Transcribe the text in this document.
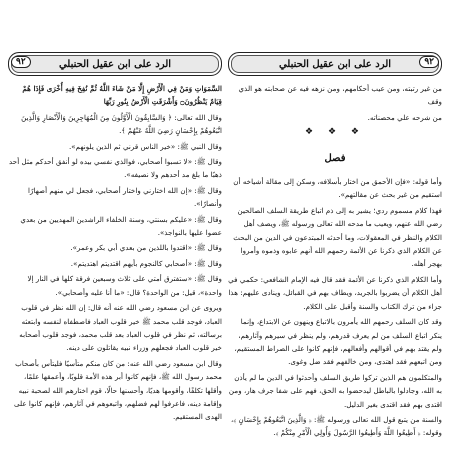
الرد على ابن عقيل الحنبلي
٩٢

السَّمَوَاتِ وَمَنْ فِي الْأَرْضِ إِلَّا مَنْ شَاءَ اللَّهُ ثُمَّ نُفِخَ فِيهِ أُخْرَى فَإِذَا هُمْ قِيَامٌ يَنْظُرُونَ۝ وَأَشْرَقَتِ الْأَرْضُ بِنُورِ رَبِّهَا

وقال الله تعالى: ﴿ وَالسَّابِقُونَ الْأَوَّلُونَ مِنَ الْمُهَاجِرِينَ وَالْأَنْصَارِ وَالَّذِينَ اتَّبَعُوهُمْ بِإِحْسَانٍ رَضِيَ اللَّهُ عَنْهُمْ ﴾.

وقال النبي ﷺ: «خير الناس قرني ثم الذين يلونهم».

وقال ﷺ: «لا تسبوا أصحابي، فوالذي نفسي بيده لو أنفق أحدكم مثل أحد ذهبًا ما بلغ مد أحدهم ولا نصيفه».

وقال ﷺ: «إن الله اختارني واختار أصحابي، فجعل لي منهم أصهارًا وأنصارًا».

وقال ﷺ: «عليكم بسنتي، وسنة الخلفاء الراشدين المهديين من بعدي عضوا عليها بالنواجذ».

وقال ﷺ: «اقتدوا باللذين من بعدي أبي بكر وعمر».

وقال ﷺ: «أصحابي كالنجوم بأيهم اقتديتم اهتديتم».

وقال ﷺ: «ستفترق أمتي على ثلاث وسبعين فرقة كلها في النار إلا واحدة»، قيل: من الواحدة؟ قال: «ما أنا عليه وأصحابي».

ويروى عن ابن مسعود رضي الله عنه أنه قال: إن الله نظر في قلوب العباد، فوجد قلب محمد ﷺ خير قلوب العباد فاصطفاه لنفسه وابتعثه برسالته، ثم نظر في قلوب العباد بعد قلب محمد، فوجد قلوب أصحابه خير قلوب العباد فجعلهم وزراء نبيه يقاتلون على دينه.

وقال ابن مسعود رضي الله عنه: من كان منكم متأسيًا فليتأس بأصحاب محمد رسول الله ﷺ، فإنهم كانوا أبر هذه الأمة قلوبًا، وأعمقها علمًا، وأقلها تكلفًا، وأقومها هديًا، وأحسنها حالًا، قوم اختارهم الله لصحبة نبيه وإقامة دينه، فاعرفوا لهم فضلهم، واتبعوهم في آثارهم، فإنهم كانوا على الهدى المستقيم.

الرد على ابن عقيل الحنبلي	٩٢

من غير رتبته، ومن عيب أحكامهم، ومن نزهه فيه عن صحابته هو الذي وقف

من شرحه علي محصناته.

❖ ❖ ❖
فصل

وأما قوله: «فإن الأحمق من اختار بأسلافه، وسكن إلى مقالة أشياخه أن استقيم من غير بحث عن مقالتهم».

فهذا كلام مسموم ردي؛ يشير به إلى ذم اتباع طريقة السلف الصالحين رضي الله عنهم، ويعيب ما مدحه الله تعالى ورسوله ﷺ، ويصف أهل الكلام والنظر في المعقولات، وما أحدثه المبتدعون في الدين من البحث عن الكلام الذي ذكرنا عن الأئمة رحمهم الله أنهم عابوه وذموه وأمروا بهجر أهله.

وأما الكلام الذي ذكرنا عن الأئمة فقد قال فيه الإمام الشافعي: حكمي في أهل الكلام أن يضربوا بالجريد، ويطاف بهم في القبائل، وينادى عليهم: هذا جزاء من ترك الكتاب والسنة وأقبل على الكلام.

وقد كان السلف رحمهم الله يأمرون بالاتباع وينهون عن الابتداع، وإنما ينكر اتباع السلف من لم يعرف قدرهم، ولم ينظر في سيرهم وآثارهم، ولم يقتد بهم في أقوالهم وأفعالهم، فإنهم كانوا على الصراط المستقيم، ومن اتبعهم فقد اهتدى، ومن خالفهم فقد ضل وغوى.

والمتكلمون هم الذين تركوا طريق السلف وأحدثوا في الدين ما لم يأذن به الله، وجادلوا بالباطل ليدحضوا به الحق، فهم على شفا جرف هار، ومن اقتدى بهم فقد اقتدى بغير الدليل.

والسنة من يتبع قول الله تعالى ورسوله ﷺ: ﴿ وَالَّذِينَ اتَّبَعُوهُمْ بِإِحْسَانٍ ﴾، وقوله: ﴿ أَطِيعُوا اللَّهَ وَأَطِيعُوا الرَّسُولَ وَأُولِي الْأَمْرِ مِنْكُمْ ﴾.
